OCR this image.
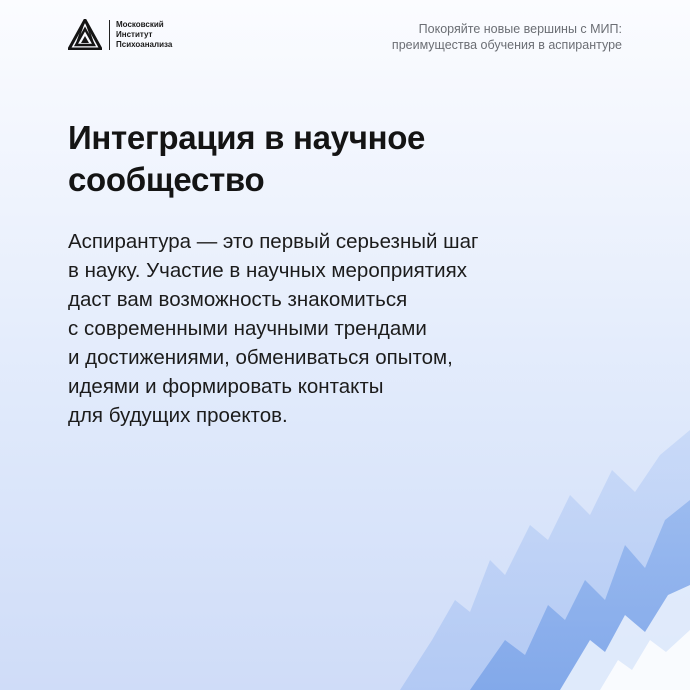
Московский
Институт
Психоанализа
Покоряйте новые вершины с МИП:
преимущества обучения в аспирантуре
Интеграция в научное
сообщество
Аспирантура — это первый серьезный шаг
в науку. Участие в научных мероприятиях
даст вам возможность знакомиться
с современными научными трендами
и достижениями, обмениваться опытом,
идеями и формировать контакты
для будущих проектов.
